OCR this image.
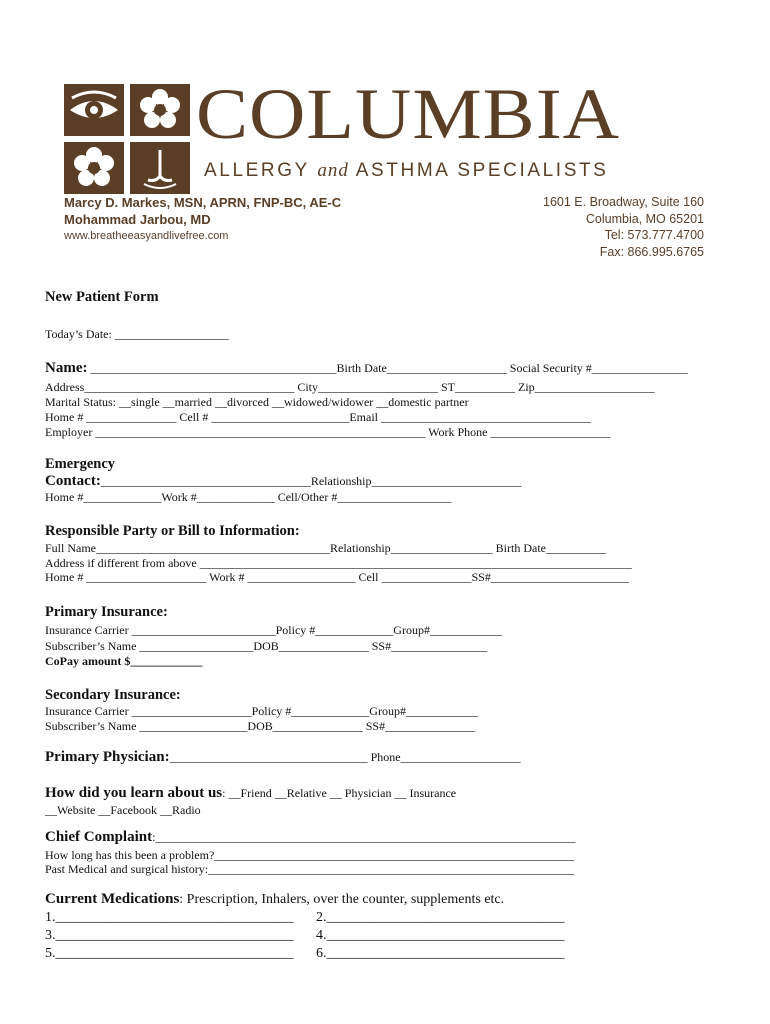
COLUMBIA
ALLERGY and ASTHMA SPECIALISTS
Marcy D. Markes, MSN, APRN, FNP-BC, AE-C
Mohammad Jarbou, MD
www.breatheeasyandlivefree.com
1601 E. Broadway, Suite 160
Columbia, MO 65201
Tel: 573.777.4700
Fax: 866.995.6765
New Patient Form
Today’s Date: ___________________
Name: _________________________________________Birth Date____________________ Social Security #________________
Address___________________________________ City____________________ ST__________ Zip____________________
Marital Status: __single __married __divorced __widowed/widower __domestic partner
Home # _______________ Cell # _______________________Email ___________________________________
Employer _______________________________________________________ Work Phone ____________________
Emergency
Contact:___________________________________Relationship_________________________
Home #_____________Work #_____________ Cell/Other #___________________
Responsible Party or Bill to Information:
Full Name_______________________________________Relationship_________________ Birth Date__________
Address if different from above ________________________________________________________________________
Home # ____________________ Work # __________________ Cell _______________SS#_______________________
Primary Insurance:
Insurance Carrier ________________________Policy #_____________Group#____________
Subscriber’s Name ___________________DOB_______________ SS#________________
CoPay amount $____________
Secondary Insurance:
Insurance Carrier ____________________Policy #_____________Group#____________
Subscriber’s Name __________________DOB_______________ SS#_______________
Primary Physician:_________________________________ Phone____________________
How did you learn about us: __Friend __Relative __ Physician __ Insurance
__Website __Facebook __Radio
Chief Complaint:______________________________________________________________________
How long has this been a problem?____________________________________________________________
Past Medical and surgical history:_____________________________________________________________
Current Medications: Prescription, Inhalers, over the counter, supplements etc.
1.__________________________________ 2.__________________________________
3.__________________________________ 4.__________________________________
5.__________________________________ 6.__________________________________
